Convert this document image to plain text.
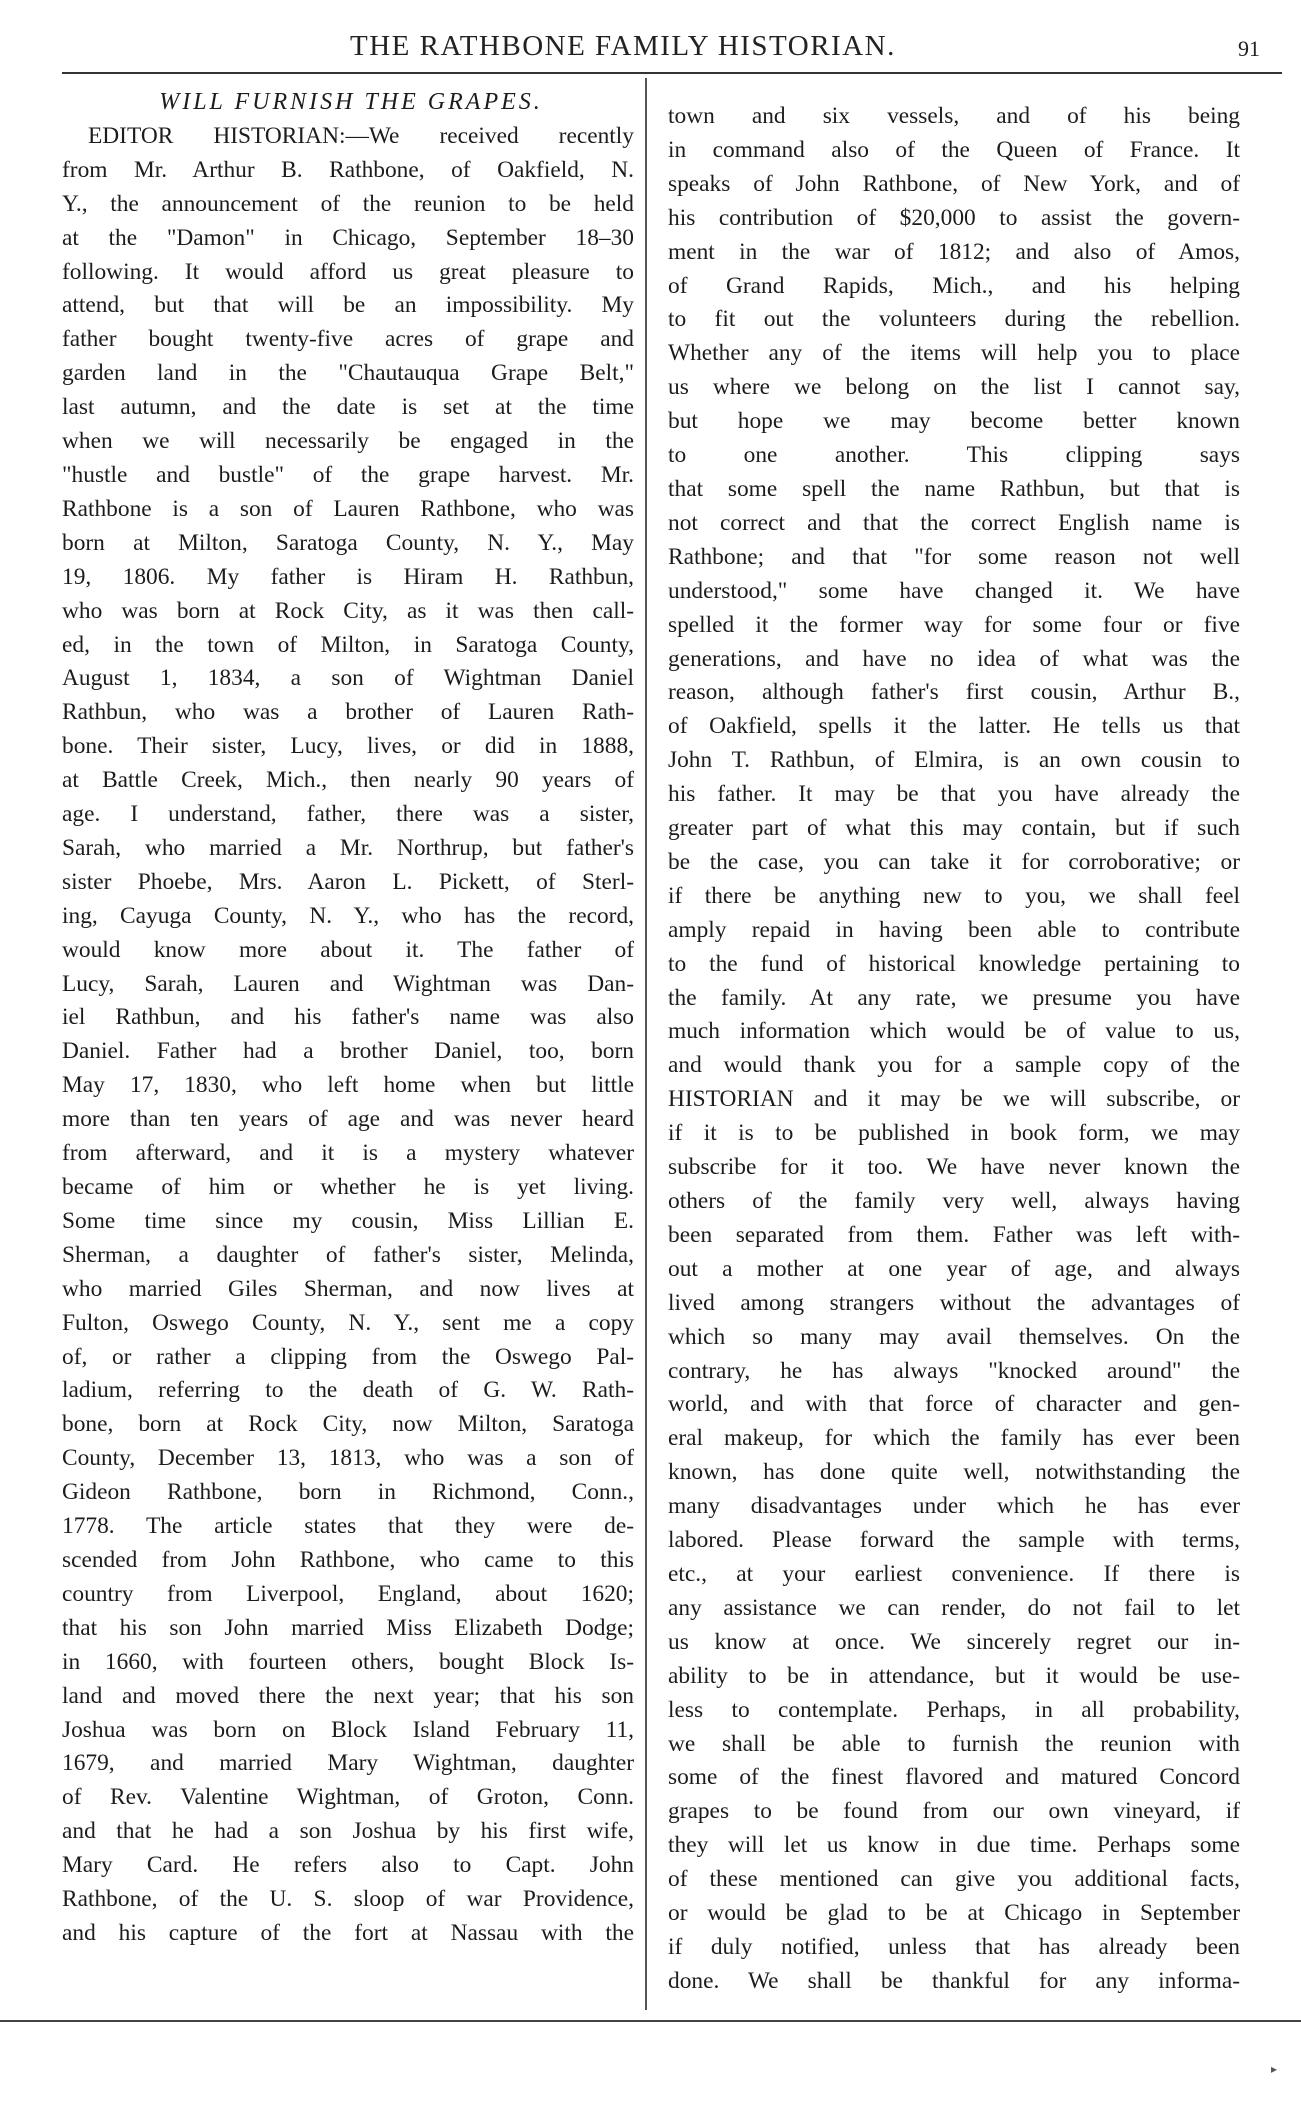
THE RATHBONE FAMILY HISTORIAN.	91
WILL FURNISH THE GRAPES.
EDITOR HISTORIAN:—We received recently
from Mr. Arthur B. Rathbone, of Oakfield, N.
Y., the announcement of the reunion to be held
at the "Damon" in Chicago, September 18–30
following. It would afford us great pleasure to
attend, but that will be an impossibility. My
father bought twenty-five acres of grape and
garden land in the "Chautauqua Grape Belt,"
last autumn, and the date is set at the time
when we will necessarily be engaged in the
"hustle and bustle" of the grape harvest. Mr.
Rathbone is a son of Lauren Rathbone, who was
born at Milton, Saratoga County, N. Y., May
19, 1806. My father is Hiram H. Rathbun,
who was born at Rock City, as it was then call-
ed, in the town of Milton, in Saratoga County,
August 1, 1834, a son of Wightman Daniel
Rathbun, who was a brother of Lauren Rath-
bone. Their sister, Lucy, lives, or did in 1888,
at Battle Creek, Mich., then nearly 90 years of
age. I understand, father, there was a sister,
Sarah, who married a Mr. Northrup, but father's
sister Phoebe, Mrs. Aaron L. Pickett, of Sterl-
ing, Cayuga County, N. Y., who has the record,
would know more about it. The father of
Lucy, Sarah, Lauren and Wightman was Dan-
iel Rathbun, and his father's name was also
Daniel. Father had a brother Daniel, too, born
May 17, 1830, who left home when but little
more than ten years of age and was never heard
from afterward, and it is a mystery whatever
became of him or whether he is yet living.
Some time since my cousin, Miss Lillian E.
Sherman, a daughter of father's sister, Melinda,
who married Giles Sherman, and now lives at
Fulton, Oswego County, N. Y., sent me a copy
of, or rather a clipping from the Oswego Pal-
ladium, referring to the death of G. W. Rath-
bone, born at Rock City, now Milton, Saratoga
County, December 13, 1813, who was a son of
Gideon Rathbone, born in Richmond, Conn.,
1778. The article states that they were de-
scended from John Rathbone, who came to this
country from Liverpool, England, about 1620;
that his son John married Miss Elizabeth Dodge;
in 1660, with fourteen others, bought Block Is-
land and moved there the next year; that his son
Joshua was born on Block Island February 11,
1679, and married Mary Wightman, daughter
of Rev. Valentine Wightman, of Groton, Conn.
and that he had a son Joshua by his first wife,
Mary Card. He refers also to Capt. John
Rathbone, of the U. S. sloop of war Providence,
and his capture of the fort at Nassau with the
town and six vessels, and of his being
in command also of the Queen of France. It
speaks of John Rathbone, of New York, and of
his contribution of $20,000 to assist the govern-
ment in the war of 1812; and also of Amos,
of Grand Rapids, Mich., and his helping
to fit out the volunteers during the rebellion.
Whether any of the items will help you to place
us where we belong on the list I cannot say,
but hope we may become better known
to one another. This clipping says
that some spell the name Rathbun, but that is
not correct and that the correct English name is
Rathbone; and that "for some reason not well
understood," some have changed it. We have
spelled it the former way for some four or five
generations, and have no idea of what was the
reason, although father's first cousin, Arthur B.,
of Oakfield, spells it the latter. He tells us that
John T. Rathbun, of Elmira, is an own cousin to
his father. It may be that you have already the
greater part of what this may contain, but if such
be the case, you can take it for corroborative; or
if there be anything new to you, we shall feel
amply repaid in having been able to contribute
to the fund of historical knowledge pertaining to
the family. At any rate, we presume you have
much information which would be of value to us,
and would thank you for a sample copy of the
HISTORIAN and it may be we will subscribe, or
if it is to be published in book form, we may
subscribe for it too. We have never known the
others of the family very well, always having
been separated from them. Father was left with-
out a mother at one year of age, and always
lived among strangers without the advantages of
which so many may avail themselves. On the
contrary, he has always "knocked around" the
world, and with that force of character and gen-
eral makeup, for which the family has ever been
known, has done quite well, notwithstanding the
many disadvantages under which he has ever
labored. Please forward the sample with terms,
etc., at your earliest convenience. If there is
any assistance we can render, do not fail to let
us know at once. We sincerely regret our in-
ability to be in attendance, but it would be use-
less to contemplate. Perhaps, in all probability,
we shall be able to furnish the reunion with
some of the finest flavored and matured Concord
grapes to be found from our own vineyard, if
they will let us know in due time. Perhaps some
of these mentioned can give you additional facts,
or would be glad to be at Chicago in September
if duly notified, unless that has already been
done. We shall be thankful for any informa-
▸
